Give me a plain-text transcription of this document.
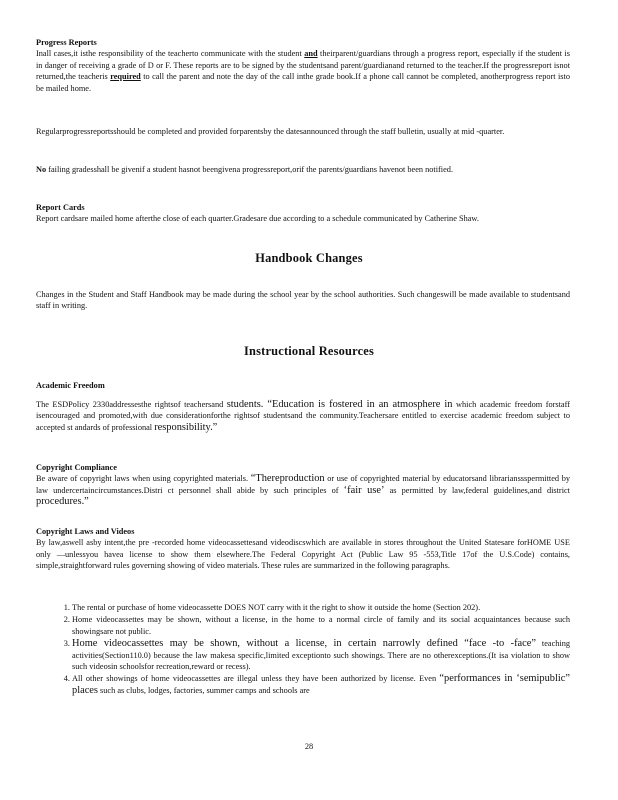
Progress Reports

Inall cases,it isthe responsibility of the teacherto communicate with the student and theirparent/guardians through a progress report, especially if the student is in danger of receiving a grade of D or F. These reports are to be signed by the studentsand parent/guardianand returned to the teacher.If the progressreport isnot returned,the teacheris required to call the parent and note the day of the call inthe grade book.If a phone call cannot be completed, anotherprogress report isto be mailed home.

Regularprogressreportsshould be completed and provided forparentsby the datesannounced through the staff bulletin, usually at mid -quarter.

No failing gradesshall be givenif a student hasnot beengivena progressreport,orif the parents/guardians havenot been notified.

Report Cards

Report cardsare mailed home afterthe close of each quarter.Gradesare due according to a schedule communicated by Catherine Shaw.

Handbook Changes

Changes in the Student and Staff Handbook may be made during the school year by the school authorities. Such changeswill be made available to studentsand staff in writing.

Instructional Resources

Academic Freedom

The ESDPolicy 2330addressesthe rightsof teachersand students. “Education is fostered in an atmosphere in which academic freedom forstaff isencouraged and promoted,with due considerationforthe rightsof studentsand the community.Teachersare entitled to exercise academic freedom subject to accepted st andards of professional responsibility.”

Copyright Compliance

Be aware of copyright laws when using copyrighted materials. “Thereproduction or use of copyrighted material by educatorsand librarianssspermitted by law undercertaincircumstances.Distri ct personnel shall abide by such principles of ‘fair use’ as permitted by law,federal guidelines,and district procedures.”

Copyright Laws and Videos

By law,aswell asby intent,the pre -recorded home videocassettesand videodiscswhich are available in stores throughout the United Statesare forHOME USE only —unlessyou havea license to show them elsewhere.The Federal Copyright Act (Public Law 95 -553,Title 17of the U.S.Code) contains, simple,straightforward rules governing showing of video materials. These rules are summarized in the following paragraphs.

1. The rental or purchase of home videocassette DOES NOT carry with it the right to show it outside the home (Section 202).
2. Home videocassettes may be shown, without a license, in the home to a normal circle of family and its social acquaintances because such showingsare not public.
3. Home videocassettes may be shown, without a license, in certain narrowly defined “face -to -face” teaching activities(Section110.0) because the law makesa specific,limited exceptionto such showings. There are no otherexceptions.(It isa violation to show such videosin schoolsfor recreation,reward or recess).
4. All other showings of home videocassettes are illegal unless they have been authorized by license. Even “performances in ‘semipublic” places such as clubs, lodges, factories, summer camps and schools are
28
